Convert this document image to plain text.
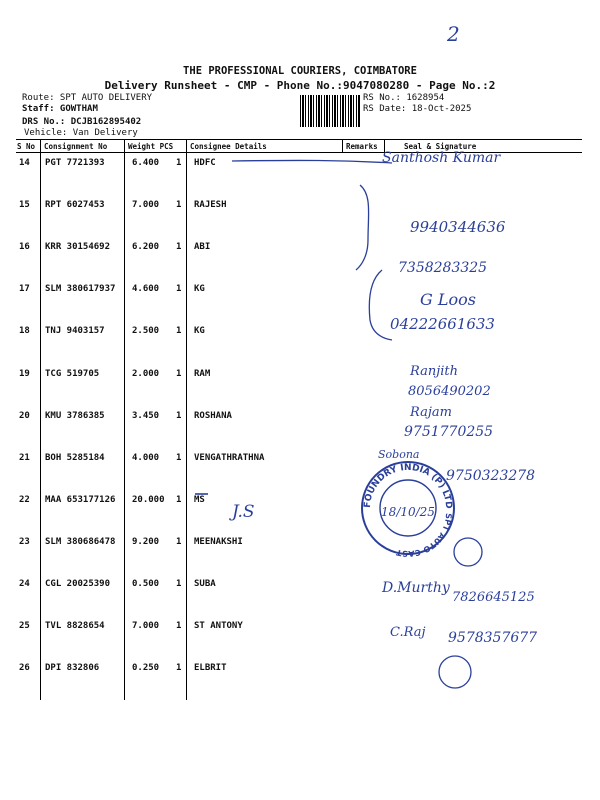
2
THE PROFESSIONAL COURIERS, COIMBATORE
Delivery Runsheet - CMP - Phone No.:9047080280 - Page No.:2
Route: SPT AUTO DELIVERY
Staff: GOWTHAM
DRS No.: DCJB162895402
Vehicle: Van Delivery
RS No.: 1628954
RS Date: 18-Oct-2025
S No Consignment No	Weight PCS Consignee Details	Remarks	Seal & Signature
14 PGT 7721393	6.400 1 HDFC
15 RPT 6027453	7.000 1 RAJESH
16 KRR 30154692 6.200 1 ABI
17 SLM 380617937 4.600 1 KG
18 TNJ 9403157	2.500 1 KG
19 TCG 519705	2.000 1 RAM
20 KMU 3786385	3.450 1 ROSHANA
21 BOH 5285184	4.000 1 VENGATHRATHNA
22 MAA 653177126 20.000 1 MS
23 SLM 380686478 9.200 1 MEENAKSHI
24 CGL 20025390 0.500 1 SUBA
25 TVL 8828654	7.000 1 ST ANTONY
26 DPI 832806	0.250 1 ELBRIT
Santhosh Kumar
9940344636
7358283325
G Loos
04222661633
Ranjith
8056490202
Rajam
9751770255
9750323278
J.S
D.Murthy
7826645125
C.Raj 9578357677
FOUNDRY INDIA (P) LTD
SPT AUTO CAST
18/10/25
Sobona
